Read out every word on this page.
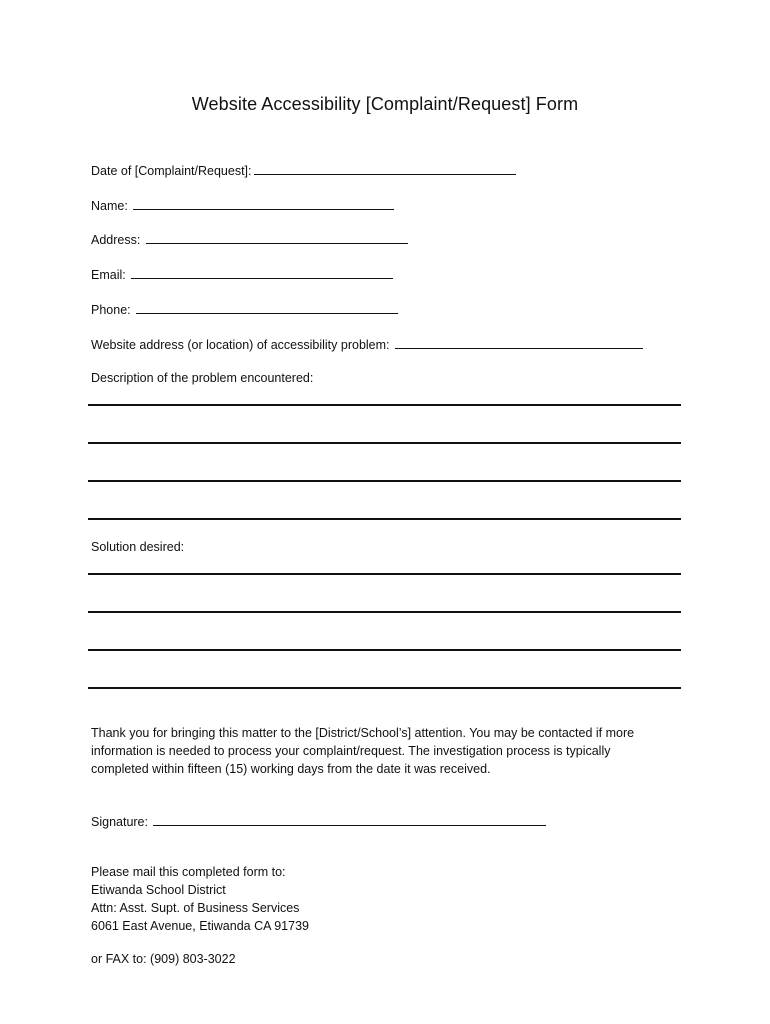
Website Accessibility [Complaint/Request] Form
Date of [Complaint/Request]:
Name:
Address:
Email:
Phone:
Website address (or location) of accessibility problem:
Description of the problem encountered:
Solution desired:
Thank you for bringing this matter to the [District/School’s] attention. You may be contacted if more
information is needed to process your complaint/request. The investigation process is typically
completed within fifteen (15) working days from the date it was received.
Signature:
Please mail this completed form to:
Etiwanda School District
Attn: Asst. Supt. of Business Services
6061 East Avenue, Etiwanda CA 91739
or FAX to: (909) 803-3022
